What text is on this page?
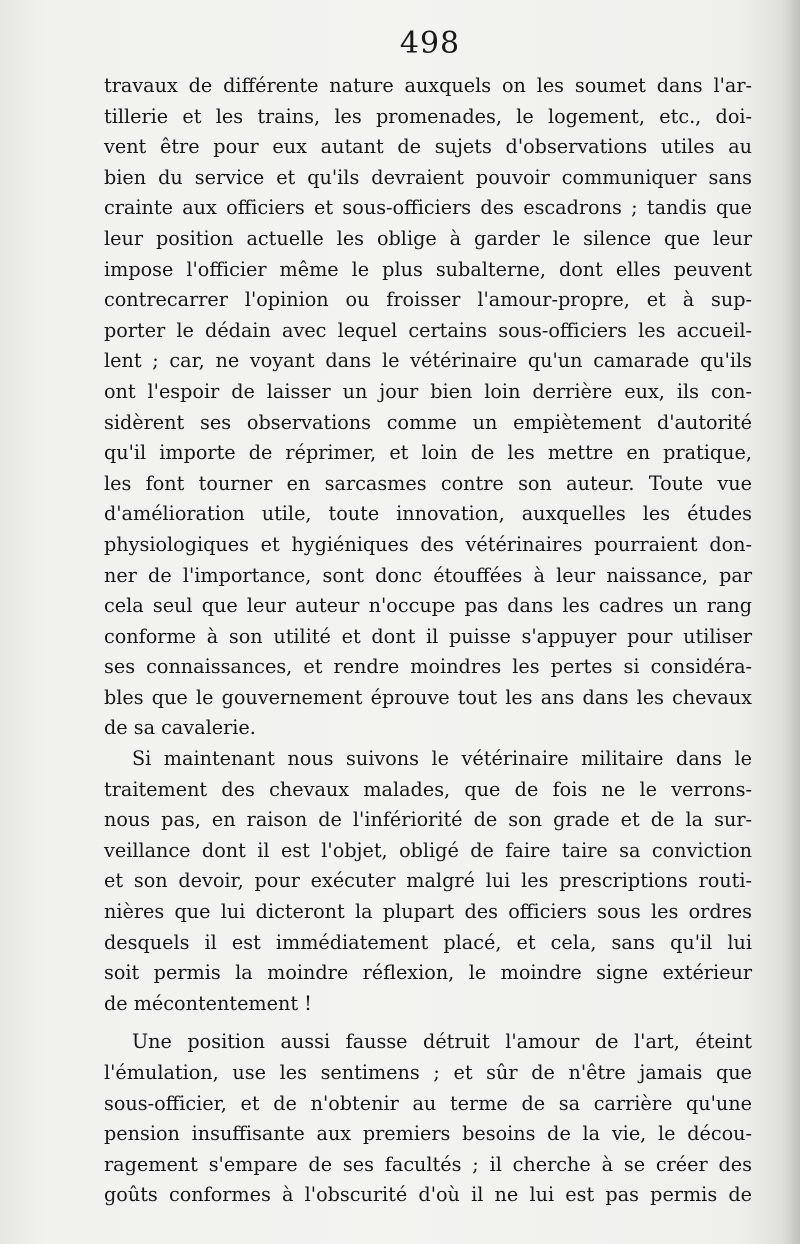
498
travaux de différente nature auxquels on les soumet dans l'ar-
tillerie et les trains, les promenades, le logement, etc., doi-
vent être pour eux autant de sujets d'observations utiles au
bien du service et qu'ils devraient pouvoir communiquer sans
crainte aux officiers et sous-officiers des escadrons ; tandis que
leur position actuelle les oblige à garder le silence que leur
impose l'officier même le plus subalterne, dont elles peuvent
contrecarrer l'opinion ou froisser l'amour-propre, et à sup-
porter le dédain avec lequel certains sous-officiers les accueil-
lent ; car, ne voyant dans le vétérinaire qu'un camarade qu'ils
ont l'espoir de laisser un jour bien loin derrière eux, ils con-
sidèrent ses observations comme un empiètement d'autorité
qu'il importe de réprimer, et loin de les mettre en pratique,
les font tourner en sarcasmes contre son auteur. Toute vue
d'amélioration utile, toute innovation, auxquelles les études
physiologiques et hygiéniques des vétérinaires pourraient don-
ner de l'importance, sont donc étouffées à leur naissance, par
cela seul que leur auteur n'occupe pas dans les cadres un rang
conforme à son utilité et dont il puisse s'appuyer pour utiliser
ses connaissances, et rendre moindres les pertes si considéra-
bles que le gouvernement éprouve tout les ans dans les chevaux
de sa cavalerie.
Si maintenant nous suivons le vétérinaire militaire dans le
traitement des chevaux malades, que de fois ne le verrons-
nous pas, en raison de l'infériorité de son grade et de la sur-
veillance dont il est l'objet, obligé de faire taire sa conviction
et son devoir, pour exécuter malgré lui les prescriptions routi-
nières que lui dicteront la plupart des officiers sous les ordres
desquels il est immédiatement placé, et cela, sans qu'il lui
soit permis la moindre réflexion, le moindre signe extérieur
de mécontentement !
Une position aussi fausse détruit l'amour de l'art, éteint
l'émulation, use les sentimens ; et sûr de n'être jamais que
sous-officier, et de n'obtenir au terme de sa carrière qu'une
pension insuffisante aux premiers besoins de la vie, le décou-
ragement s'empare de ses facultés ; il cherche à se créer des
goûts conformes à l'obscurité d'où il ne lui est pas permis de
